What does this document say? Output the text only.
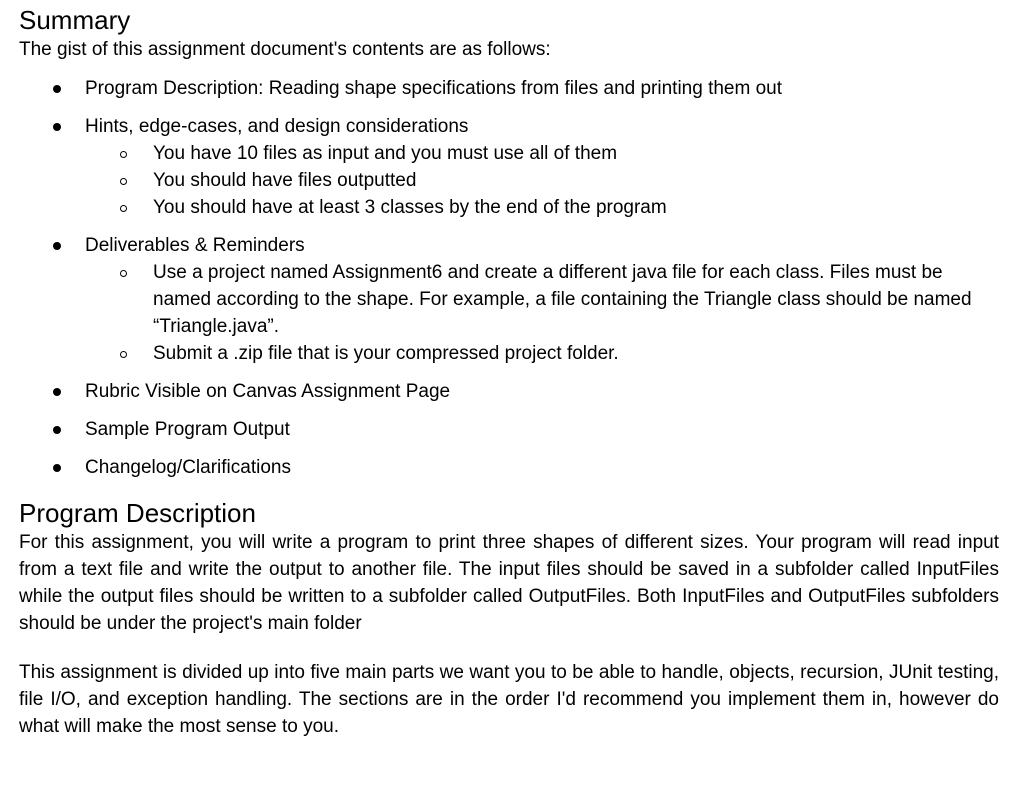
Summary

The gist of this assignment document's contents are as follows:

Program Description: Reading shape specifications from files and printing them out
Hints, edge-cases, and design considerations
You have 10 files as input and you must use all of them
You should have files outputted
You should have at least 3 classes by the end of the program
Deliverables & Reminders
Use a project named Assignment6 and create a different java file for each class. Files must be named according to the shape. For example, a file containing the Triangle class should be named “Triangle.java”.
Submit a .zip file that is your compressed project folder.
Rubric Visible on Canvas Assignment Page
Sample Program Output
Changelog/Clarifications
Program Description

For this assignment, you will write a program to print three shapes of different sizes. Your program will read input from a text file and write the output to another file. The input files should be saved in a subfolder called InputFiles while the output files should be written to a subfolder called OutputFiles. Both InputFiles and OutputFiles subfolders should be under the project's main folder

This assignment is divided up into five main parts we want you to be able to handle, objects, recursion, JUnit testing, file I/O, and exception handling. The sections are in the order I'd recommend you implement them in, however do what will make the most sense to you.
